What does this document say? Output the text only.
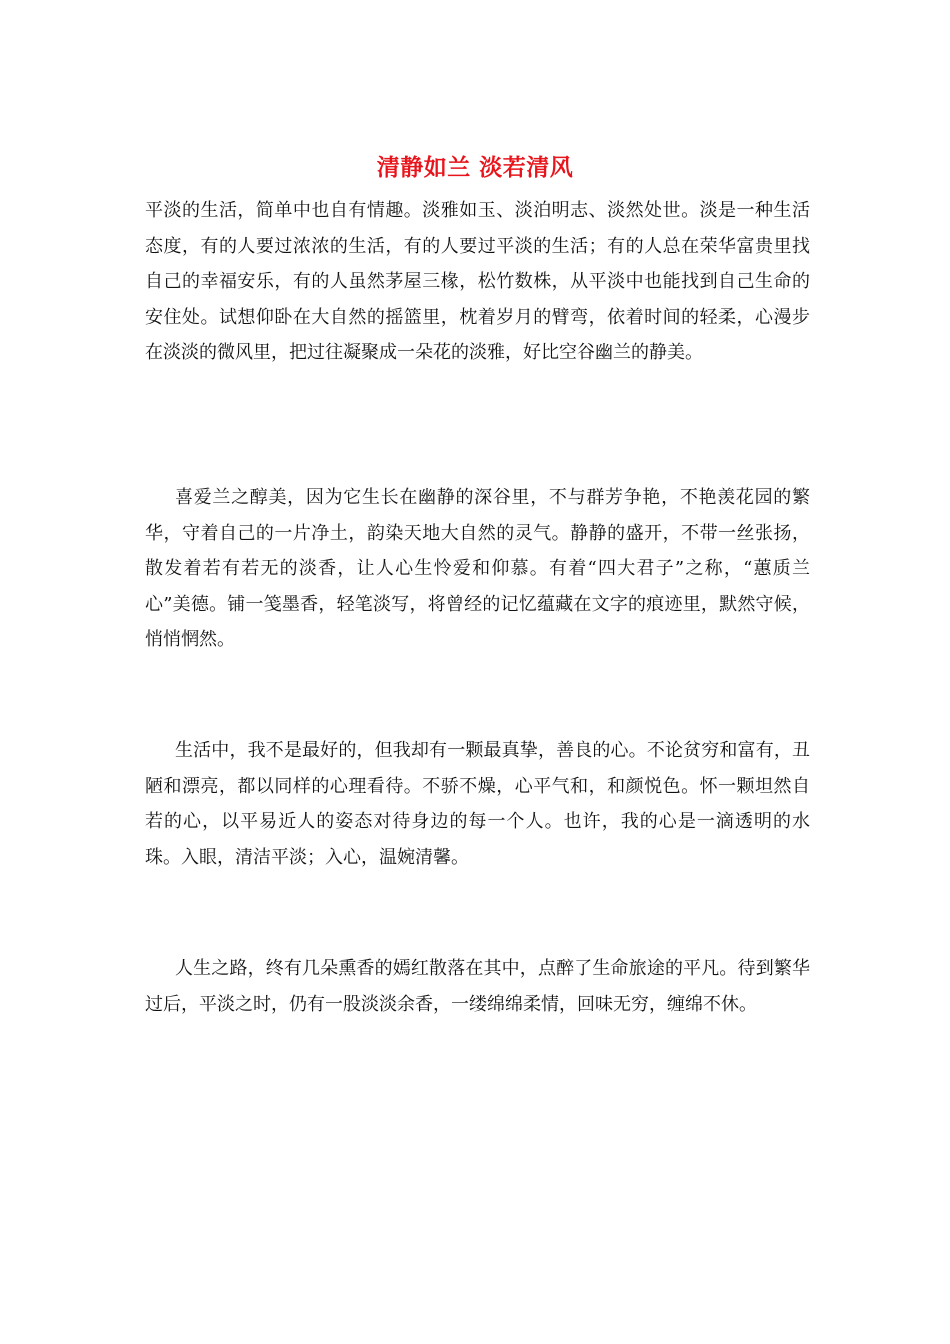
清静如兰 淡若清风

平淡的生活，简单中也自有情趣。淡雅如玉、淡泊明志、淡然处世。淡是一种生活态度，有的人要过浓浓的生活，有的人要过平淡的生活；有的人总在荣华富贵里找自己的幸福安乐，有的人虽然茅屋三椽，松竹数株，从平淡中也能找到自己生命的安住处。试想仰卧在大自然的摇篮里，枕着岁月的臂弯，依着时间的轻柔，心漫步在淡淡的微风里，把过往凝聚成一朵花的淡雅，好比空谷幽兰的静美。

喜爱兰之醇美，因为它生长在幽静的深谷里，不与群芳争艳，不艳羡花园的繁华，守着自己的一片净土，韵染天地大自然的灵气。静静的盛开，不带一丝张扬，散发着若有若无的淡香，让人心生怜爱和仰慕。有着“四大君子”之称，“蕙质兰心”美德。铺一笺墨香，轻笔淡写，将曾经的记忆蕴藏在文字的痕迹里，默然守候，悄悄惘然。

生活中，我不是最好的，但我却有一颗最真挚，善良的心。不论贫穷和富有，丑陋和漂亮，都以同样的心理看待。不骄不燥，心平气和，和颜悦色。怀一颗坦然自若的心，以平易近人的姿态对待身边的每一个人。也许，我的心是一滴透明的水珠。入眼，清洁平淡；入心，温婉清馨。

人生之路，终有几朵熏香的嫣红散落在其中，点醉了生命旅途的平凡。待到繁华过后，平淡之时，仍有一股淡淡余香，一缕绵绵柔情，回味无穷，缠绵不休。
